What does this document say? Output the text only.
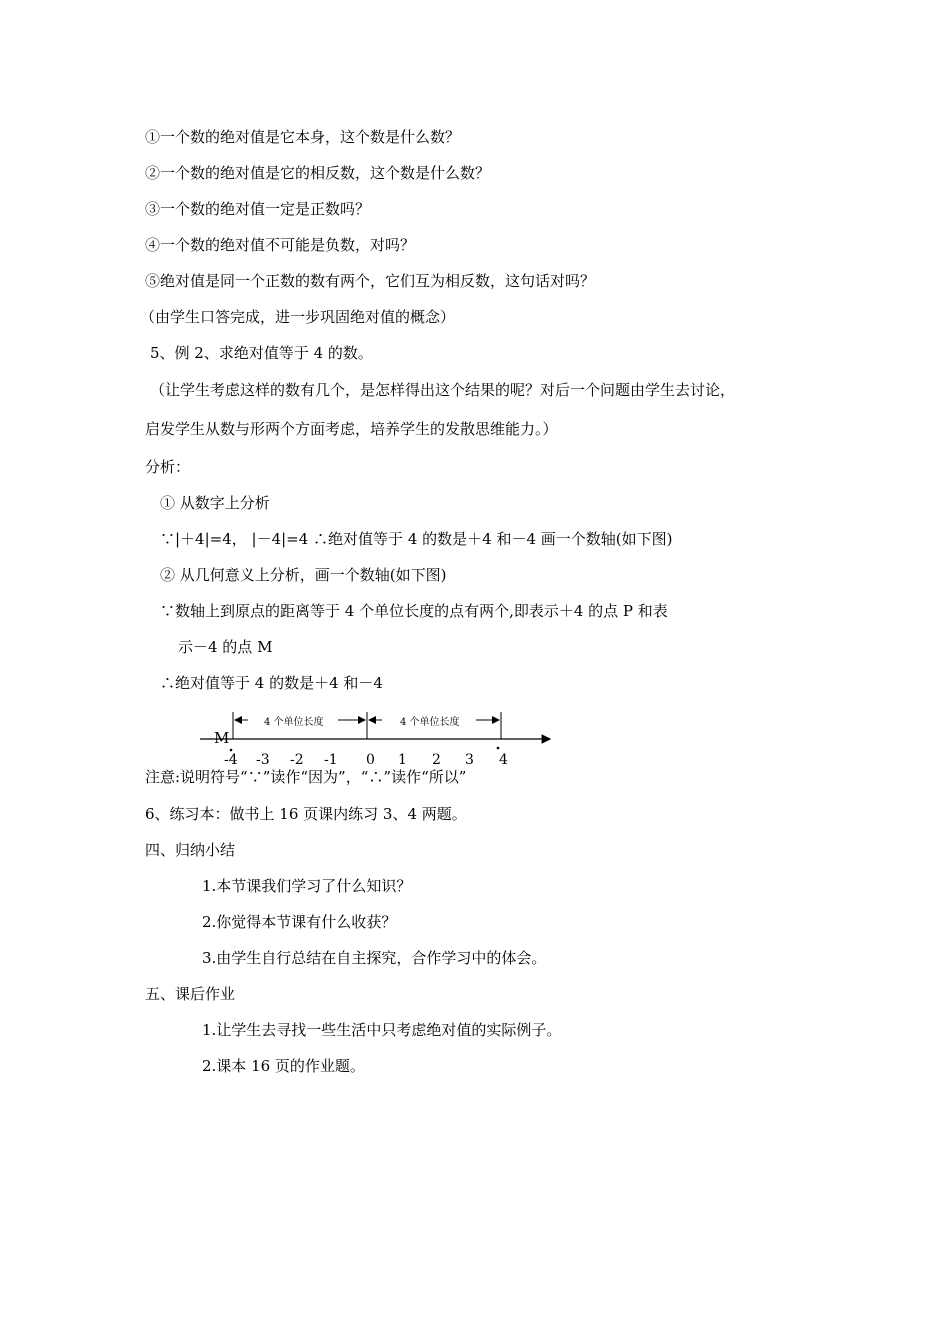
①一个数的绝对值是它本身，这个数是什么数？
②一个数的绝对值是它的相反数，这个数是什么数？
③一个数的绝对值一定是正数吗？
④一个数的绝对值不可能是负数，对吗？
⑤绝对值是同一个正数的数有两个，它们互为相反数，这句话对吗？
（由学生口答完成，进一步巩固绝对值的概念）
5、例 2、求绝对值等于 4 的数。
（让学生考虑这样的数有几个，是怎样得出这个结果的呢？对后一个问题由学生去讨论，
启发学生从数与形两个方面考虑，培养学生的发散思维能力。）
分析：
① 从数字上分析
∵|＋4|=4， |－4|=4 ∴绝对值等于 4 的数是＋4 和－4 画一个数轴(如下图)
② 从几何意义上分析，画一个数轴(如下图)
∵数轴上到原点的距离等于 4 个单位长度的点有两个,即表示＋4 的点 P 和表
示－4 的点 M
∴绝对值等于 4 的数是＋4 和－4
M
4 个单位长度	4 个单位长度
-4 -3 -2 -1 0 1 2 3 4
注意:说明符号“∵”读作“因为”，“∴”读作“所以”
6、练习本：做书上 16 页课内练习 3、4 两题。
四、归纳小结
1.本节课我们学习了什么知识？
2.你觉得本节课有什么收获？
3.由学生自行总结在自主探究，合作学习中的体会。
五、课后作业
1.让学生去寻找一些生活中只考虑绝对值的实际例子。
2.课本 16 页的作业题。
